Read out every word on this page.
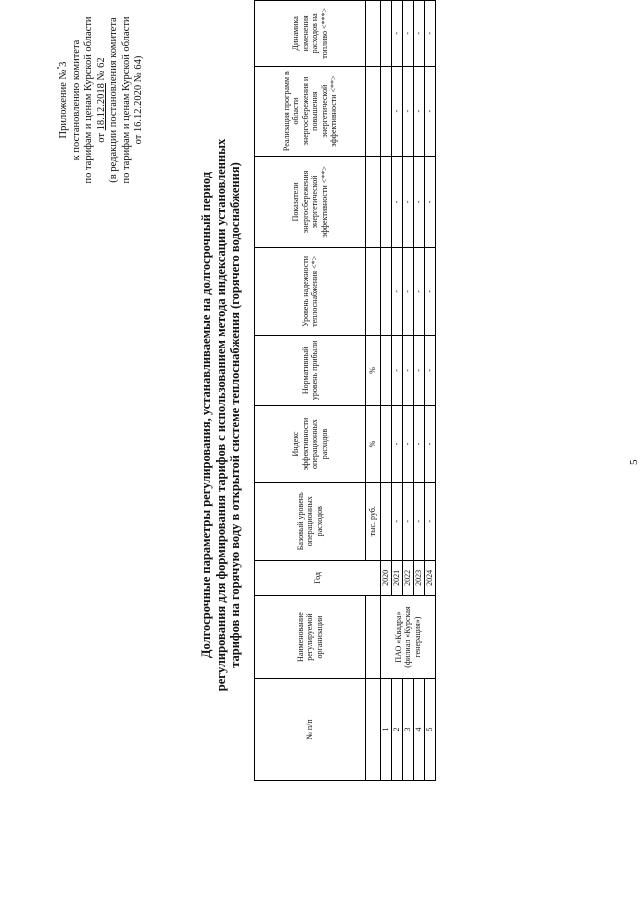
5
Приложение № 3 к постановлению комитета по тарифам и ценам Курской области от 18.12.2018 № 62 (в редакции постановления комитета по тарифам и ценам Курской области от 16.12.2020 № 64)
Долгосрочные параметры регулирования, устанавливаемые на долгосрочный период регулирования для формирования тарифов с использованием метода индексации установленных тарифов на горячую воду в открытой системе теплоснабжения (горячего водоснабжения)
№ п/п	Наименование регулируемой организации	Год	Базовый уровень операционных расходов	Индекс эффективности операционных расходов	Нормативный уровень прибыли	Уровень надежности теплоснабжения <*>	Показатели энергосбережения энергетической эффективности <**>	Реализация программ в области энергосбережения и повышения энергетической эффективности <**>	Динамика изменения расходов на топливо <***>
			тыс. руб.	%	%				
1	ПАО «Квадра» (филиал «Курская генерация»)	2020							
2		2021	-	-	-	-	-	-	-
3		2022	-	-	-	-	-	-	-
4		2023	-	-	-	-	-	-	-
5		2024	-	-	-	-	-	-	-
